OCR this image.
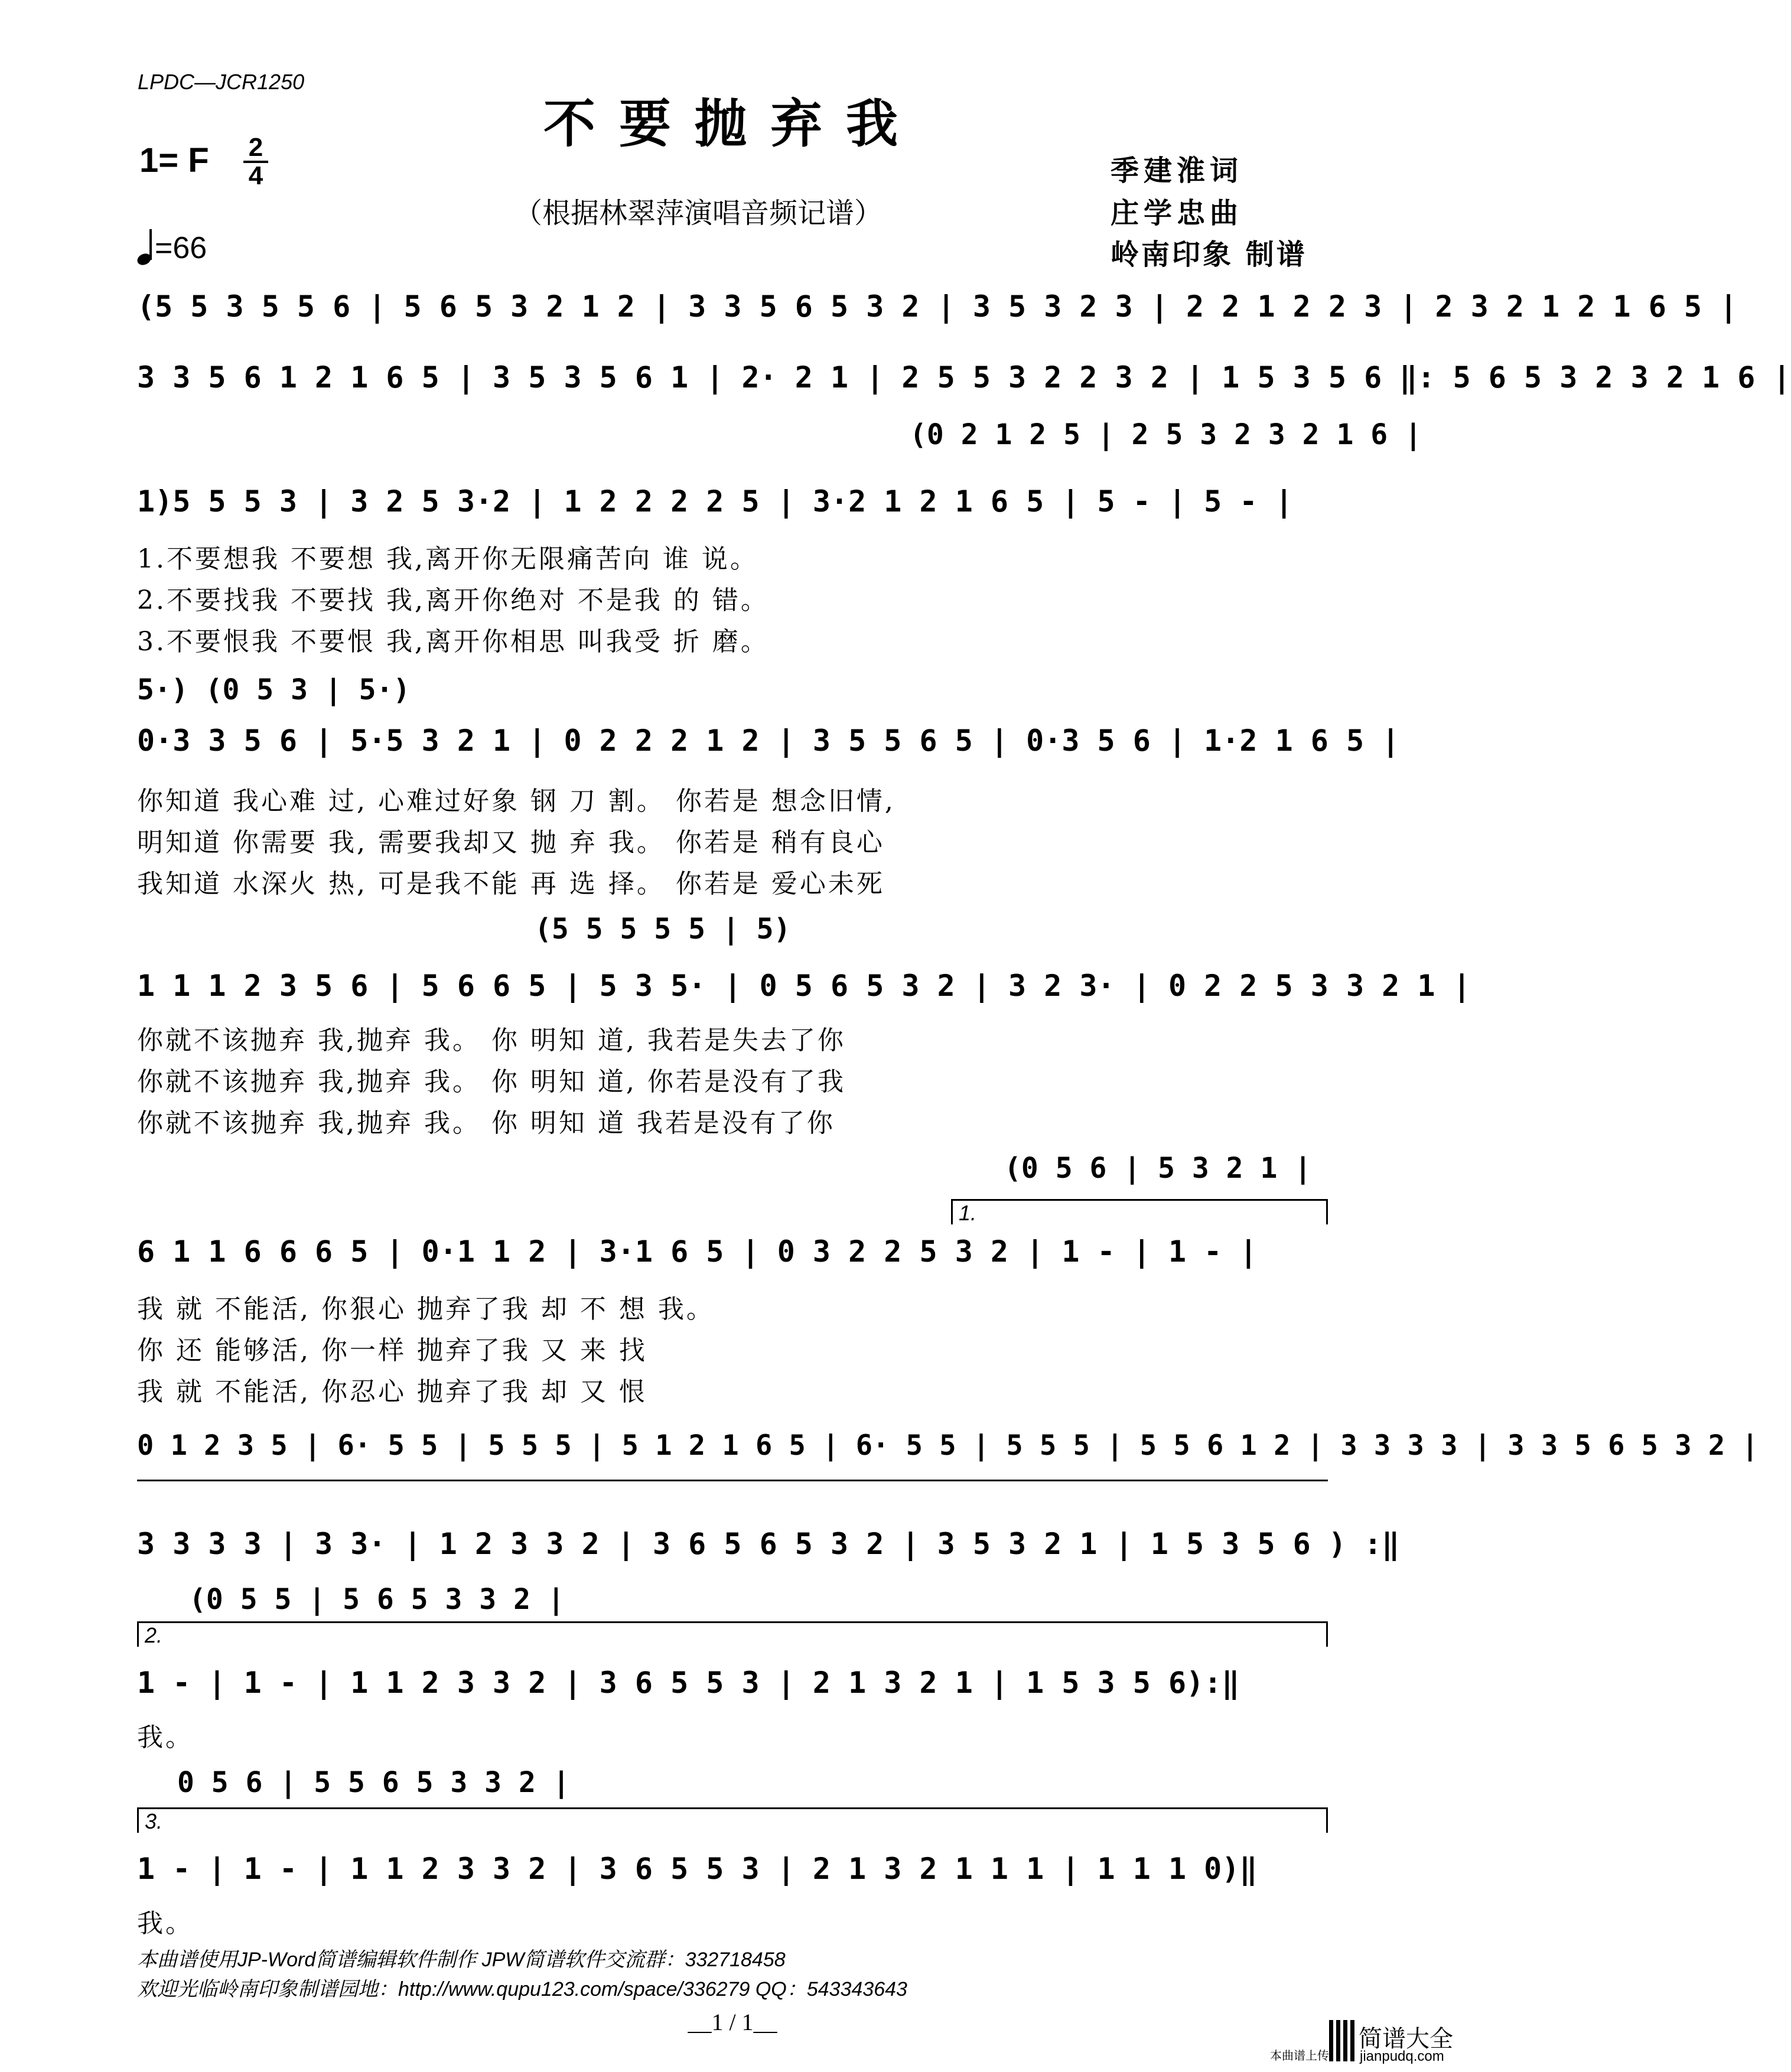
LPDC—JCR1250
不要抛弃我
1= F $\frac{2}{4}$
=66
（根据林翠萍演唱音频记谱）
季建淮词
庄学忠曲
岭南印象 制谱
(5 5 3 5 5 6 | 5 6 5 3 2 1 2 | 3 3 5 6 5 3 2 | 3 5 3 2 3 | 2 2 1 2 2 3 | 2 3 2 1 2 1 6 5 |
3 3 5 6 1 2 1 6 5 | 3 5 3 5 6 1 | 2· 2 1 | 2 5 5 3 2 2 3 2 | 1 5 3 5 6 ‖: 5 6 5 3 2 3 2 1 6 |
(0 2 1 2 5 | 2 5 3 2 3 2 1 6 |
1)5 5 5 3 | 3 2 5 3·2 | 1 2 2 2 2 5 | 3·2 1 2 1 6 5 | 5 - | 5 - |
1.不要想我 不要想 我,离开你无限痛苦向 谁 说。
2.不要找我 不要找 我,离开你绝对 不是我 的 错。
3.不要恨我 不要恨 我,离开你相思 叫我受 折 磨。
5·) (0 5 3 | 5·)
0·3 3 5 6 | 5·5 3 2 1 | 0 2 2 2 1 2 | 3 5 5 6 5 | 0·3 5 6 | 1·2 1 6 5 |
你知道 我心难 过, 心难过好象 钢 刀 割。 你若是 想念旧情,
明知道 你需要 我, 需要我却又 抛 弃 我。 你若是 稍有良心
我知道 水深火 热, 可是我不能 再 选 择。 你若是 爱心未死
(5 5 5 5 5 | 5)
1 1 1 2 3 5 6 | 5 6 6 5 | 5 3 5· | 0 5 6 5 3 2 | 3 2 3· | 0 2 2 5 3 3 2 1 |
你就不该抛弃 我,抛弃 我。 你 明知 道, 我若是失去了你
你就不该抛弃 我,抛弃 我。 你 明知 道, 你若是没有了我
你就不该抛弃 我,抛弃 我。 你 明知 道 我若是没有了你
(0 5 6 | 5 3 2 1 |
1.
6 1 1 6 6 6 5 | 0·1 1 2 | 3·1 6 5 | 0 3 2 2 5 3 2 | 1 - | 1 - |
我 就 不能活, 你狠心 抛弃了我 却 不 想 我。
你 还 能够活, 你一样 抛弃了我 又 来 找
我 就 不能活, 你忍心 抛弃了我 却 又 恨
0 1 2 3 5 | 6· 5 5 | 5 5 5 | 5 1 2 1 6 5 | 6· 5 5 | 5 5 5 | 5 5 6 1 2 | 3 3 3 3 | 3 3 5 6 5 3 2 |
3 3 3 3 | 3 3· | 1 2 3 3 2 | 3 6 5 6 5 3 2 | 3 5 3 2 1 | 1 5 3 5 6 ) :‖
(0 5 5 | 5 6 5 3 3 2 |
2.
1 - | 1 - | 1 1 2 3 3 2 | 3 6 5 5 3 | 2 1 3 2 1 | 1 5 3 5 6):‖
我。
0 5 6 | 5 5 6 5 3 3 2 |
3.
1 - | 1 - | 1 1 2 3 3 2 | 3 6 5 5 3 | 2 1 3 2 1 1 1 | 1 1 1 0)‖
我。
本曲谱使用JP-Word简谱编辑软件制作 JPW简谱软件交流群：332718458
欢迎光临岭南印象制谱园地：http://www.qupu123.com/space/336279 QQ：543343643
__1 / 1__
本曲谱上传
简谱大全
jianpudq.com
